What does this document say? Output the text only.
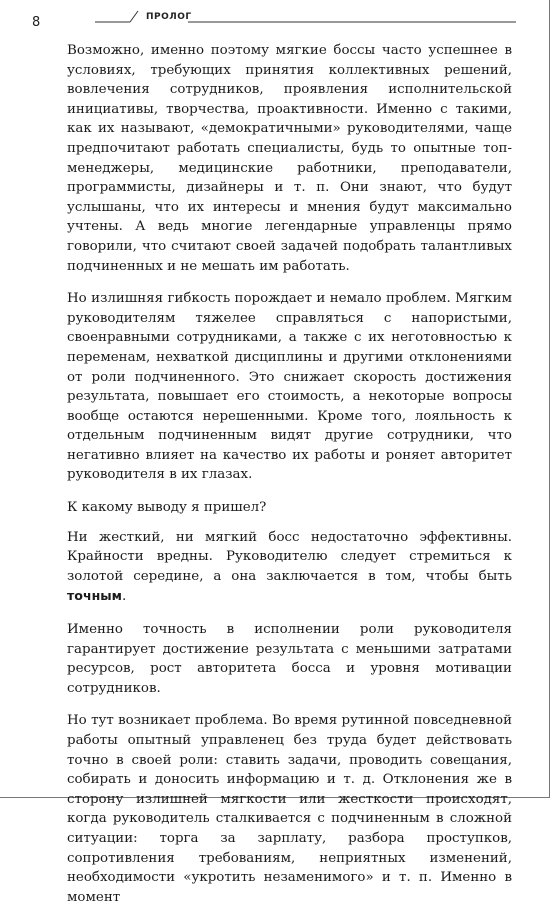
8	ПРОЛОГ

Возможно, именно поэтому мягкие боссы часто успешнее в условиях, требующих принятия коллективных решений, вовлечения сотрудников, проявления исполнительской инициативы, творчества, проактивности. Именно с такими, как их называют, «демократичными» руководителями, чаще предпочитают работать специалисты, будь то опытные топ-менеджеры, медицинские работники, преподаватели, программисты, дизайнеры и т. п. Они знают, что будут услышаны, что их интересы и мнения будут максимально учтены. А ведь многие легендарные управленцы прямо говорили, что считают своей задачей подобрать талантливых подчиненных и не мешать им работать.

Но излишняя гибкость порождает и немало проблем. Мягким руководителям тяжелее справляться с напористыми, своенравными сотрудниками, а также с их неготовностью к переменам, нехваткой дисциплины и другими отклонениями от роли подчиненного. Это снижает скорость достижения результата, повышает его стоимость, а некоторые вопросы вообще остаются нерешенными. Кроме того, лояльность к отдельным подчиненным видят другие сотрудники, что негативно влияет на качество их работы и роняет авторитет руководителя в их глазах.

К какому выводу я пришел?

Ни жесткий, ни мягкий босс недостаточно эффективны. Крайности вредны. Руководителю следует стремиться к золотой середине, а она заключается в том, чтобы быть точным.

Именно точность в исполнении роли руководителя гарантирует достижение результата с меньшими затратами ресурсов, рост авторитета босса и уровня мотивации сотрудников.

Но тут возникает проблема. Во время рутинной повседневной работы опытный управленец без труда будет действовать точно в своей роли: ставить задачи, проводить совещания, собирать и доносить информацию и т. д. Отклонения же в сторону излишней мягкости или жесткости происходят, когда руководитель сталкивается с подчиненным в сложной ситуации: торга за зарплату, разбора проступков, сопротивления требованиям, неприятных изменений, необходимости «укротить незаменимого» и т. п. Именно в момент
